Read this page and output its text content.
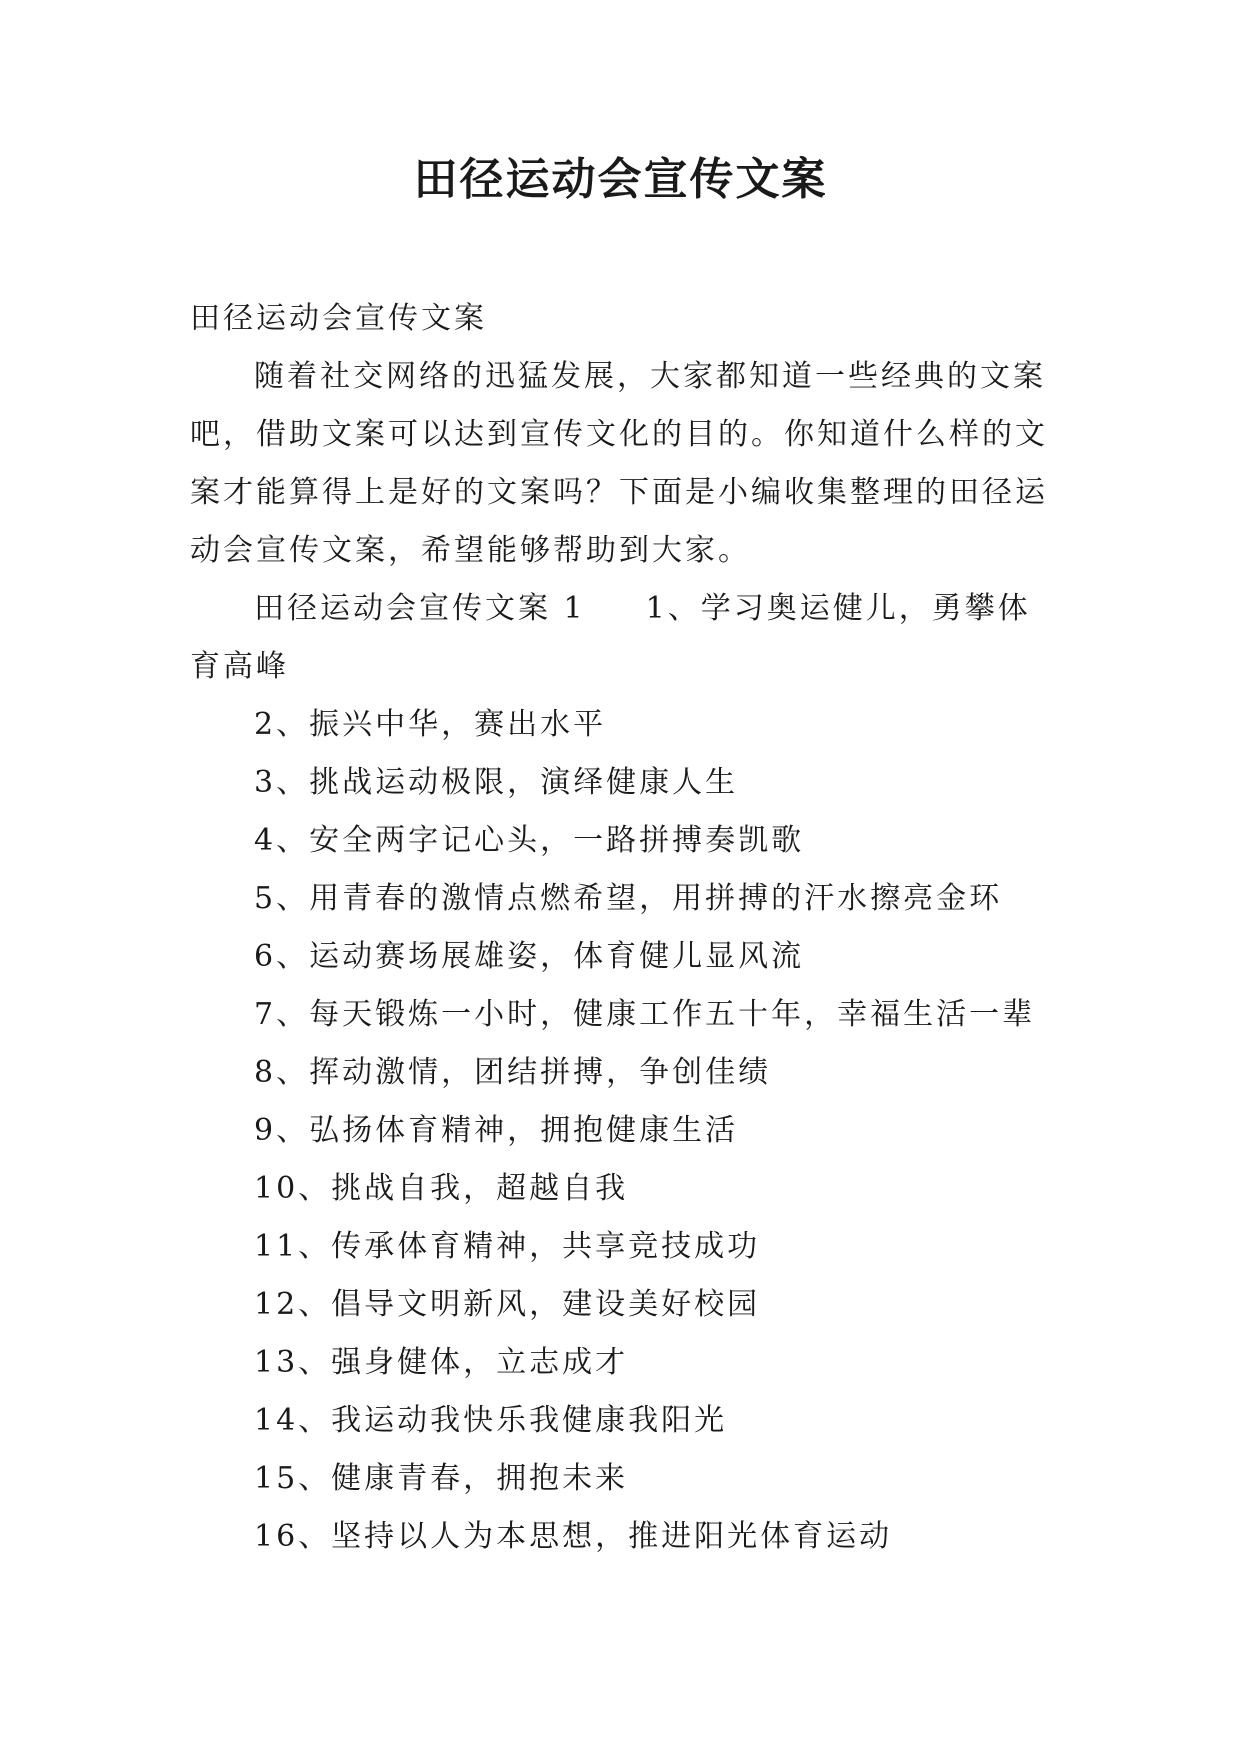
田径运动会宣传文案

田径运动会宣传文案

随着社交网络的迅猛发展，大家都知道一些经典的文案吧，借助文案可以达到宣传文化的目的。你知道什么样的文案才能算得上是好的文案吗？下面是小编收集整理的田径运动会宣传文案，希望能够帮助到大家。

田径运动会宣传文案 1 1、学习奥运健儿，勇攀体育高峰

2、振兴中华，赛出水平
3、挑战运动极限，演绎健康人生
4、安全两字记心头，一路拼搏奏凯歌
5、用青春的激情点燃希望，用拼搏的汗水擦亮金环
6、运动赛场展雄姿，体育健儿显风流
7、每天锻炼一小时，健康工作五十年，幸福生活一辈
8、挥动激情，团结拼搏，争创佳绩
9、弘扬体育精神，拥抱健康生活
10、挑战自我，超越自我
11、传承体育精神，共享竞技成功
12、倡导文明新风，建设美好校园
13、强身健体，立志成才
14、我运动我快乐我健康我阳光
15、健康青春，拥抱未来
16、坚持以人为本思想，推进阳光体育运动
